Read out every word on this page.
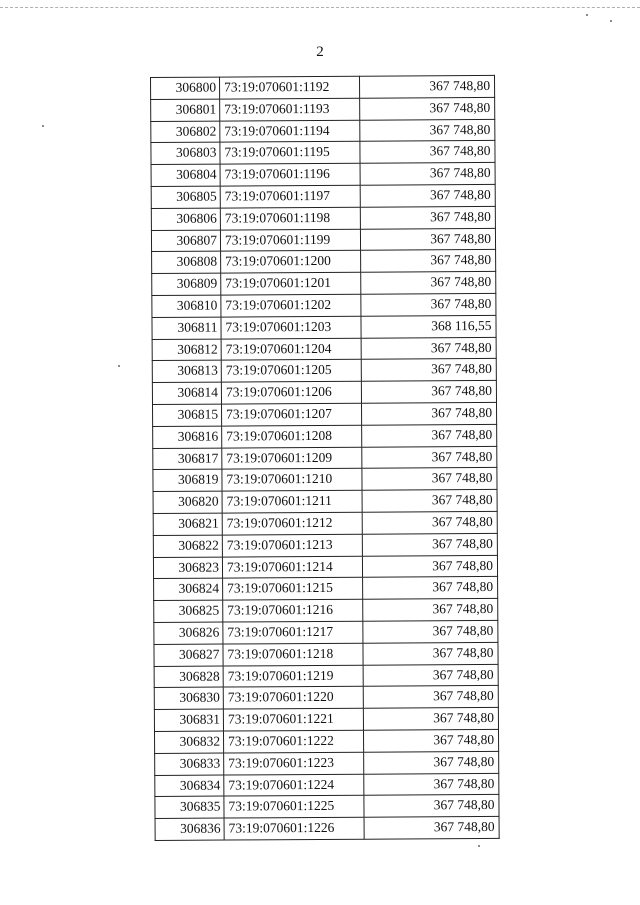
2
306800	73:19:070601:1192	367 748,80
306801	73:19:070601:1193	367 748,80
306802	73:19:070601:1194	367 748,80
306803	73:19:070601:1195	367 748,80
306804	73:19:070601:1196	367 748,80
306805	73:19:070601:1197	367 748,80
306806	73:19:070601:1198	367 748,80
306807	73:19:070601:1199	367 748,80
306808	73:19:070601:1200	367 748,80
306809	73:19:070601:1201	367 748,80
306810	73:19:070601:1202	367 748,80
306811	73:19:070601:1203	368 116,55
306812	73:19:070601:1204	367 748,80
306813	73:19:070601:1205	367 748,80
306814	73:19:070601:1206	367 748,80
306815	73:19:070601:1207	367 748,80
306816	73:19:070601:1208	367 748,80
306817	73:19:070601:1209	367 748,80
306819	73:19:070601:1210	367 748,80
306820	73:19:070601:1211	367 748,80
306821	73:19:070601:1212	367 748,80
306822	73:19:070601:1213	367 748,80
306823	73:19:070601:1214	367 748,80
306824	73:19:070601:1215	367 748,80
306825	73:19:070601:1216	367 748,80
306826	73:19:070601:1217	367 748,80
306827	73:19:070601:1218	367 748,80
306828	73:19:070601:1219	367 748,80
306830	73:19:070601:1220	367 748,80
306831	73:19:070601:1221	367 748,80
306832	73:19:070601:1222	367 748,80
306833	73:19:070601:1223	367 748,80
306834	73:19:070601:1224	367 748,80
306835	73:19:070601:1225	367 748,80
306836	73:19:070601:1226	367 748,80
